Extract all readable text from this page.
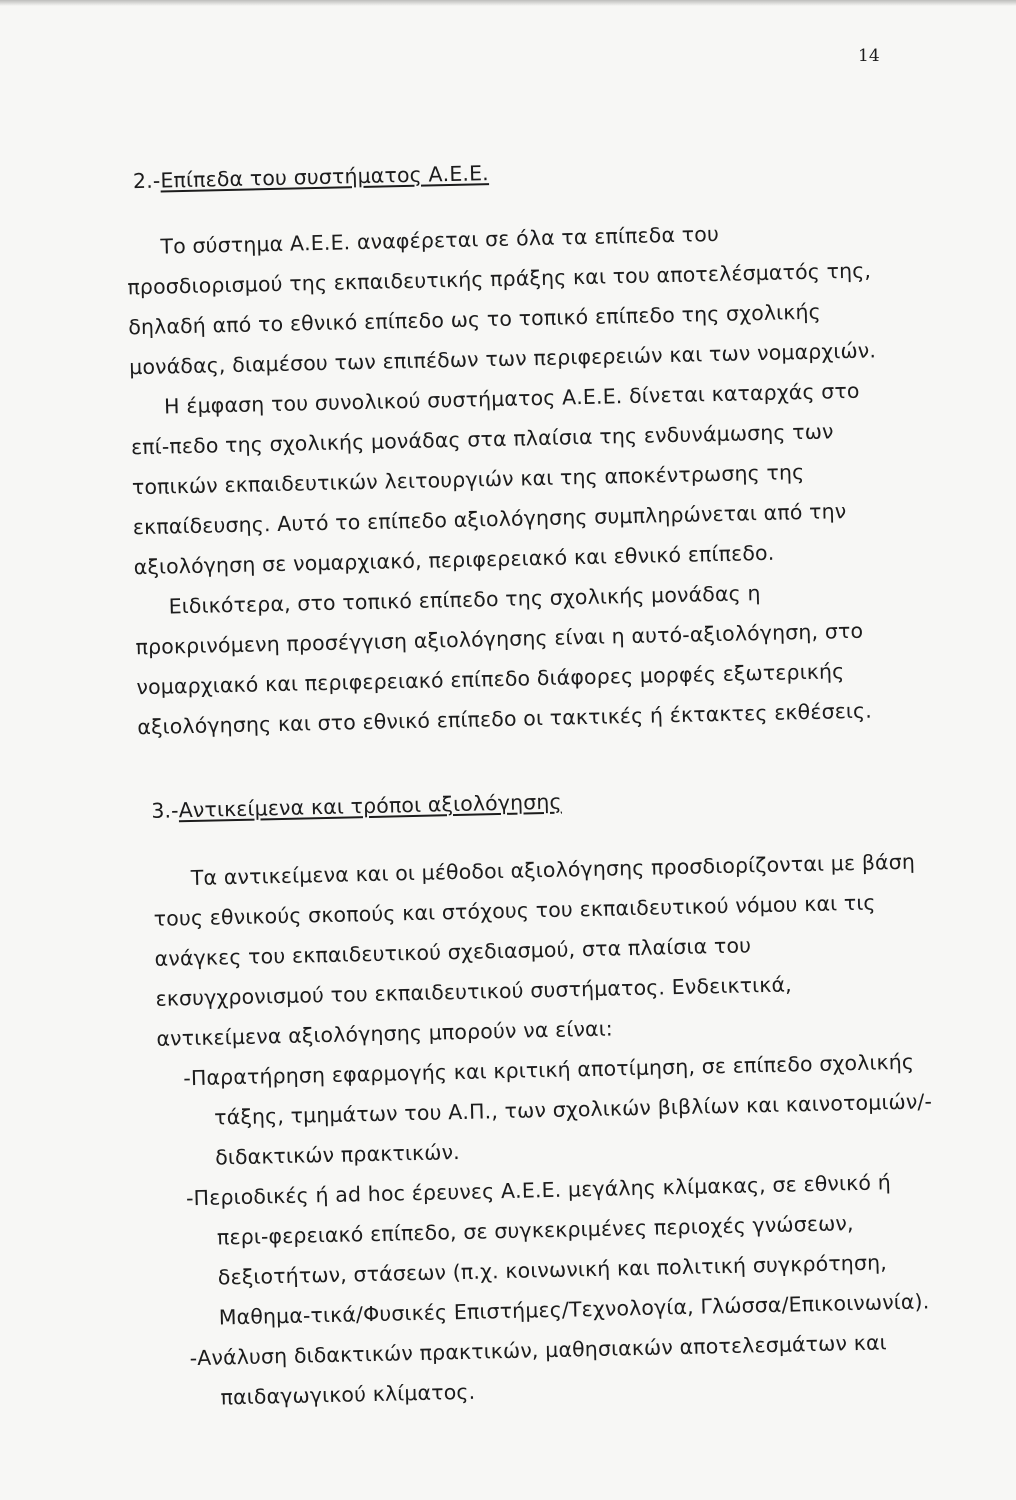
14
2.-Επίπεδα του συστήματος Α.Ε.Ε.
Το σύστημα Α.Ε.Ε. αναφέρεται σε όλα τα επίπεδα του
προσδιορισμού της εκπαιδευτικής πράξης και του αποτελέσματός της,
δηλαδή από το εθνικό επίπεδο ως το τοπικό επίπεδο της σχολικής
μονάδας, διαμέσου των επιπέδων των περιφερειών και των νομαρχιών.
Η έμφαση του συνολικού συστήματος Α.Ε.Ε. δίνεται καταρχάς στο
επί-πεδο της σχολικής μονάδας στα πλαίσια της ενδυνάμωσης των
τοπικών εκπαιδευτικών λειτουργιών και της αποκέντρωσης της
εκπαίδευσης. Αυτό το επίπεδο αξιολόγησης συμπληρώνεται από την
αξιολόγηση σε νομαρχιακό, περιφερειακό και εθνικό επίπεδο.
Ειδικότερα, στο τοπικό επίπεδο της σχολικής μονάδας η
προκρινόμενη προσέγγιση αξιολόγησης είναι η αυτό-αξιολόγηση, στο
νομαρχιακό και περιφερειακό επίπεδο διάφορες μορφές εξωτερικής
αξιολόγησης και στο εθνικό επίπεδο οι τακτικές ή έκτακτες εκθέσεις.
3.-Αντικείμενα και τρόποι αξιολόγησης
Τα αντικείμενα και οι μέθοδοι αξιολόγησης προσδιορίζονται με βάση
τους εθνικούς σκοπούς και στόχους του εκπαιδευτικού νόμου και τις
ανάγκες του εκπαιδευτικού σχεδιασμού, στα πλαίσια του
εκσυγχρονισμού του εκπαιδευτικού συστήματος. Ενδεικτικά,
αντικείμενα αξιολόγησης μπορούν να είναι:
-Παρατήρηση εφαρμογής και κριτική αποτίμηση, σε επίπεδο σχολικής
τάξης, τμημάτων του Α.Π., των σχολικών βιβλίων και καινοτομιών/-
διδακτικών πρακτικών.
-Περιοδικές ή ad hoc έρευνες Α.Ε.Ε. μεγάλης κλίμακας, σε εθνικό ή
περι-φερειακό επίπεδο, σε συγκεκριμένες περιοχές γνώσεων,
δεξιοτήτων, στάσεων (π.χ. κοινωνική και πολιτική συγκρότηση,
Μαθημα-τικά/Φυσικές Επιστήμες/Τεχνολογία, Γλώσσα/Επικοινωνία).
-Ανάλυση διδακτικών πρακτικών, μαθησιακών αποτελεσμάτων και
παιδαγωγικού κλίματος.
